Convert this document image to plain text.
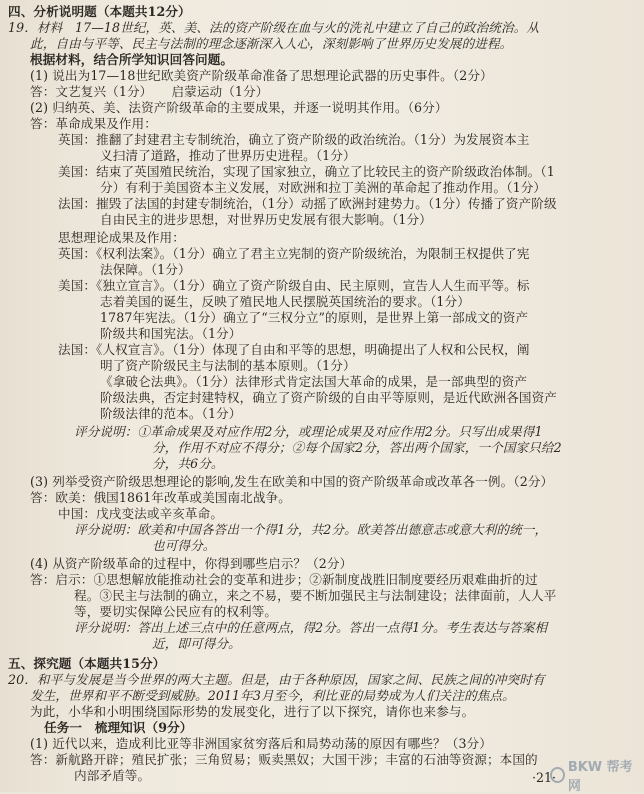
四、分析说明题（本题共12分）
19．材料　17—18世纪，英、美、法的资产阶级在血与火的洗礼中建立了自己的政治统治。从
此，自由与平等、民主与法制的理念逐渐深入人心，深刻影响了世界历史发展的进程。
根据材料，结合所学知识回答问题。
(1) 说出为17—18世纪欧美资产阶级革命准备了思想理论武器的历史事件。（2分）
答：文艺复兴（1分）　　启蒙运动（1分）
(2) 归纳英、美、法资产阶级革命的主要成果，并逐一说明其作用。（6分）
答：革命成果及作用：
英国：推翻了封建君主专制统治，确立了资产阶级的政治统治。（1分）为发展资本主
义扫清了道路，推动了世界历史进程。（1分）
美国：结束了英国殖民统治，实现了国家独立，确立了比较民主的资产阶级政治体制。（1
分）有利于美国资本主义发展，对欧洲和拉丁美洲的革命起了推动作用。（1分）
法国：摧毁了法国的封建专制统治，（1分）动摇了欧洲封建势力。（1分）传播了资产阶级
自由民主的进步思想，对世界历史发展有很大影响。（1分）
思想理论成果及作用：
英国：《权利法案》。（1分）确立了君主立宪制的资产阶级统治，为限制王权提供了宪
法保障。（1分）
美国：《独立宣言》。（1分）确立了资产阶级自由、民主原则，宣告人人生而平等。标
志着美国的诞生，反映了殖民地人民摆脱英国统治的要求。（1分）
1787年宪法。（1分）确立了“三权分立”的原则，是世界上第一部成文的资产
阶级共和国宪法。（1分）
法国：《人权宣言》。（1分）体现了自由和平等的思想，明确提出了人权和公民权，阐
明了资产阶级民主与法制的基本原则。（1分）
《拿破仑法典》。（1分）法律形式肯定法国大革命的成果，是一部典型的资产
阶级法典，否定封建特权，确立了资产阶级的自由平等原则，是近代欧洲各国资产
阶级法律的范本。（1分）
评分说明：①革命成果及对应作用2分，或理论成果及对应作用2分。只写出成果得1
分，作用不对应不得分；②每个国家2分，答出两个国家，一个国家只给2
分，共6分。
(3) 列举受资产阶级思想理论的影响,发生在欧美和中国的资产阶级革命或改革各一例。（2分）
答：欧美：俄国1861年改革或美国南北战争。
中国：戊戌变法或辛亥革命。
评分说明：欧美和中国各答出一个得1分，共2分。欧美答出德意志或意大利的统一，
也可得分。
(4) 从资产阶级革命的过程中，你得到哪些启示？（2分）
答：启示：①思想解放能推动社会的变革和进步；②新制度战胜旧制度要经历艰难曲折的过
程。③民主与法制的确立，来之不易，要不断加强民主与法制建设；法律面前，人人平
等，要切实保障公民应有的权利等。
评分说明：答出上述三点中的任意两点，得2分。答出一点得1分。考生表达与答案相
近，即可得分。
五、探究题（本题共15分）
20．和平与发展是当今世界的两大主题。但是，由于各种原因，国家之间、民族之间的冲突时有
发生，世界和平不断受到威胁。2011年3月至今，利比亚的局势成为人们关注的焦点。
为此，小华和小明围绕国际形势的发展变化，进行了以下探究，请你也来参与。
任务一　梳理知识（9分）
(1) 近代以来，造成利比亚等非洲国家贫穷落后和局势动荡的原因有哪些？（3分）
答：新航路开辟；殖民扩张；三角贸易；贩卖黑奴；大国干涉；丰富的石油等资源；本国的
内部矛盾等。	·21·
BKW 帮考网
